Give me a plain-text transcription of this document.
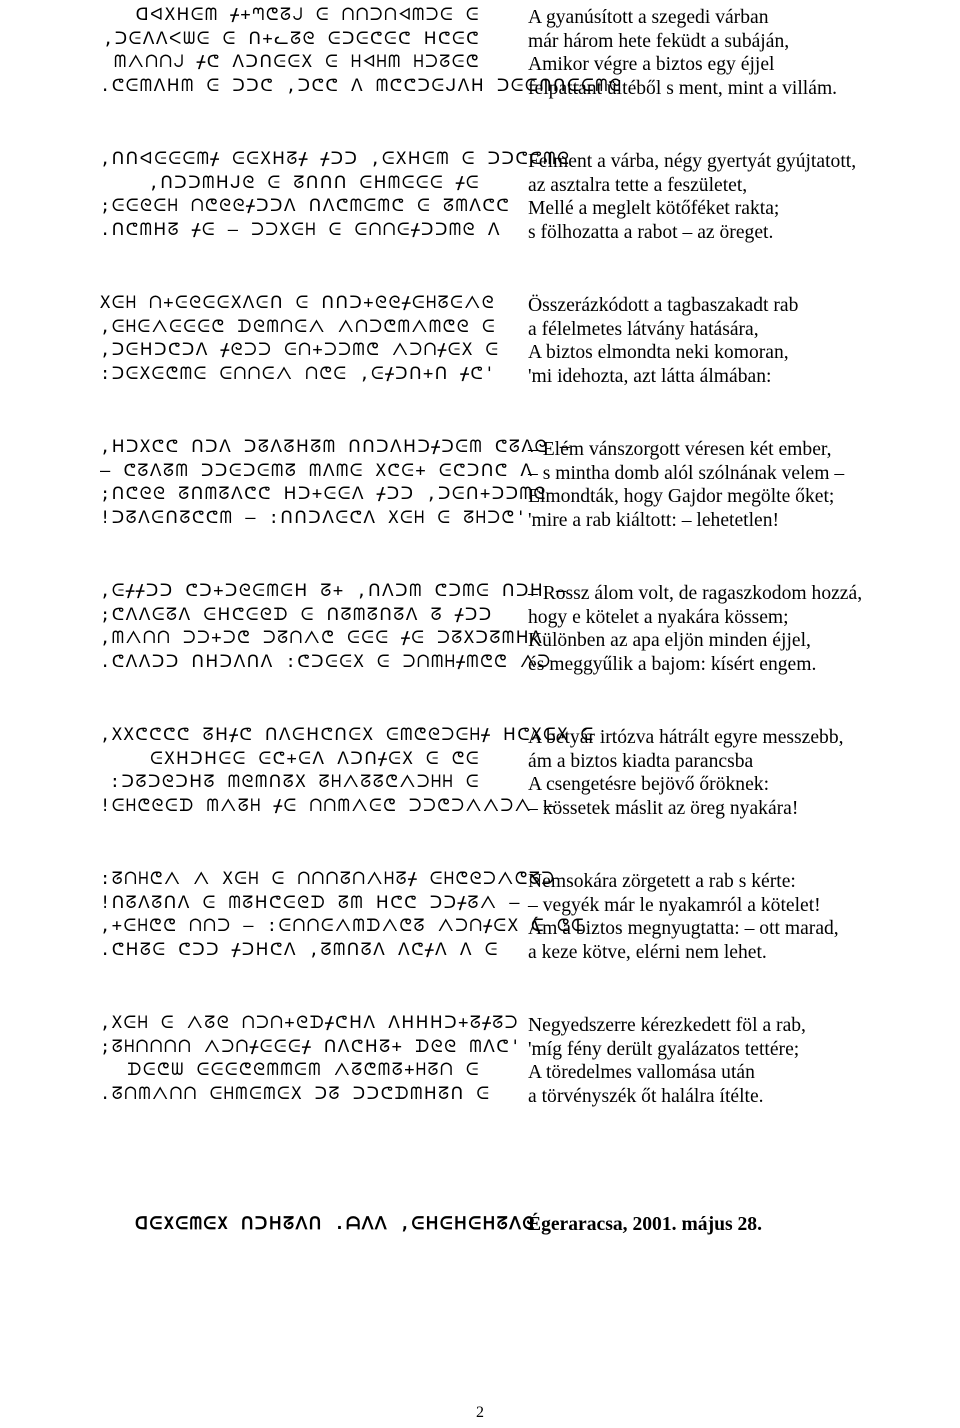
ᗡᐊXᕼᕮᗰ ᚋ+ᘉᕦᘔᒍ ᕮ ᑎᑎᑐᑎᐊᗰᑐᕮ ᕮ
,ᑐᕮᐱᐱᐸᗯᕮ ᕮ ᑎ+ᓚᘔᘓ ᕮᑐᕮᕦᕮᕦ ᕼᕦᕮᕦ
ᗰᐱᑎᑎᒍ ᚋᕦ ᐱᑐᑎᕮᕮX ᕮ ᕼᐊᕼᗰ ᕼᑐᘔᕮᕦ
.ᕦᕮᗰᐱᕼᗰ ᕮ ᑐᑐᕦ ,ᑐᕦᕦ ᐱ ᗰᕦᕦᑐᕮᒍᐱᕼ ᑐᕮᕮᑎᑎᕮᕮᗰᘓ
,ᑎᑎᐊᕮᕮᕮᗰᚋ ᕮᕮXᕼᘔᚋ ᚋᑐᑐ ,ᕮXᕼᕮᗰ ᕮ ᑐᑐᕦᕦᗰᘓ
,ᑎᑐᑐᗰᕼᒍᘓ ᕮ ᘔᑎᑎᑎ ᕮᕼᗰᕮᕮᕮ ᚋᕮ
;ᕮᕮᘓᕮᕼ ᑎᕦᘓᘓᚋᑐᑐᐱ ᑎᐱᕦᗰᕮᗰᕦ ᕮ ᘔᗰᐱᕦᕦ
.ᑎᕦᗰᕼᘔ ᚋᕮ – ᑐᑐXᕮᕼ ᕮ ᕮᑎᑎᕮᚋᑐᑐᗰᘓ ᐱ
Xᕮᕼ ᑎ+ᕮᘓᕮᕮXᐱᕮᑎ ᕮ ᑎᑎᑐ+ᘓᘓᚋᕮᕼᘔᕮᐱᘓ
,ᕮᕼᕮᐱᕮᕮᕮᕦ ᗪᘓᗰᑎᕮᐱ ᐱᑎᑐᕦᗰᐱᗰᕦᘓ ᕮ
,ᑐᕮᕼᑐᕦᑐᐱ ᚋᘓᑐᑐ ᕮᑎ+ᑐᑐᗰᕦ ᐱᑐᑎᚋᕮX ᕮ
:ᑐᕮXᕮᕦᗰᕮ ᕮᑎᑎᕮᐱ ᑎᕦᕮ ,ᕮᚋᑐᑎ+ᑎ ᚋᕦ'
,ᕼᑐXᕦᕦ ᑎᑐᐱ ᑐᘔᐱᘔᕼᘔᗰ ᑎᑎᑐᐱᕼᑐᚋᑐᕮᗰ ᕦᘔᐱᘓ –
– ᕦᘔᐱᘔᗰ ᑐᑐᕮᑐᕮᗰᘔ ᗰᐱᗰᕮ Xᕦᕮ+ ᕮᕦᑐᑎᕦ ᐱ
;ᑎᕦᘓᘓ ᘔᑎᗰᘔᐱᕦᕦ ᕼᑐ+ᕮᕮᐱ ᚋᑐᑐ ,ᑐᕮᑎ+ᑐᑐᗰᘓ
!ᑐᘔᐱᕮᑎᘔᕦᕦᗰ – :ᑎᑎᑐᐱᕮᕦᐱ Xᕮᕼ ᕮ ᘔᕼᑐᕦ'
,ᕮᚋᚋᑐᑐ ᕦᑐ+ᑐᘓᕮᗰᕮᕼ ᘔ+ ,ᑎᐱᑐᗰ ᕦᑐᗰᕮ ᑎᑐᕼ –
;ᕦᐱᐱᕮᘔᐱ ᕮᕼᕦᕮᘓᗪ ᕮ ᑎᘔᗰᘔᑎᘔᐱ ᘔ ᚋᑐᑐ
,ᗰᐱᑎᑎ ᑐᑐ+ᑐᕦ ᑐᘔᑎᐱᕦ ᕮᕮᕮ ᚋᕮ ᑐᘔXᑐᘔᗰᕼᐱ
.ᕦᐱᐱᑐᑐ ᑎᕼᑐᐱᑎᐱ :ᕦᑐᕮᕮX ᕮ ᑐᑎᗰᕼᚋᗰᕦᕦ ᐱᑐ
,XXᕦᕦᕦᕦ ᘔᕼᚋᕦ ᑎᐱᕮᕼᕦᑎᕮX ᕮᗰᕦᘓᑐᕮᕼᚋ ᕼᕦXᕮX ᕮ
ᕮXᕼᑐᕼᕮᕮ ᕮᕦ+ᕮᐱ ᐱᑐᑎᚋᕮX ᕮ ᕦᕮ
:ᑐᘔᑐᘓᑐᕼᘔ ᗰᘓᗰᑎᘔX ᘔᕼᐱᘔᘔᕦᐱᑐᕼᕼ ᕮ
!ᕮᕼᕦᘓᕮᗪ ᗰᐱᘔᕼ ᚋᕮ ᑎᑎᗰᐱᕮᕦ ᑐᑐᕦᑐᐱᐱᑐᐱ –
:ᘔᑎᕼᕦᐱ ᐱ Xᕮᕼ ᕮ ᑎᑎᑎᘔᑎᐱᕼᘔᚋ ᕮᕼᕦᘓᑐᐱᕦᘔᑐ
!ᑎᘔᐱᘔᑎᐱ ᕮ ᗰᘔᕼᕦᕮᘓᗪ ᘔᗰ ᕼᕦᕦ ᑐᑐᚋᘔᐱ –
,+ᕮᕼᕦᕦ ᑎᑎᑐ – :ᕮᑎᑎᕮᐱᗰᗪᐱᕦᘔ ᐱᑐᑎᚋᕮX ᕮ ᕦᕮ
.ᕦᕼᘔᕮ ᕦᑐᑐ ᚋᑐᕼᕦᐱ ,ᘔᗰᑎᘔᐱ ᐱᕦᚋᐱ ᐱ ᕮ
,Xᕮᕼ ᕮ ᐱᘔᘓ ᑎᑐᑎ+ᘓᗪᚋᕦᕼᐱ ᐱᕼᕼᕼᑐ+ᘔᚋᘔᑐ
;ᘔᕼᑎᑎᑎᑎ ᐱᑐᑎᚋᕮᕮᕮᚋ ᑎᐱᕦᕼᘔ+ ᗪᘓᘓ ᗰᐱᕦ'
ᗪᕮᕦᗯ ᕮᕮᕮᕦᘓᗰᗰᕮᗰ ᐱᘔᕦᗰᘔ+ᕼᘔᑎ ᕮ
.ᘔᑎᗰᐱᑎᑎ ᕮᕼᗰᕮᗰᕮX ᑐᘔ ᑐᑐᕦᗪᗰᕼᘔᑎ ᕮ
A gyanúsított a szegedi várban
már három hete feküdt a subáján,
Amikor végre a biztos egy éjjel
felpattant ültéből s ment, mint a villám.
Felment a várba, négy gyertyát gyújtatott,
az asztalra tette a feszületet,
Mellé a meglelt kötőféket rakta;
s fölhozatta a rabot – az öreget.
Összerázkódott a tagbaszakadt rab
a félelmetes látvány hatására,
A biztos elmondta neki komoran,
'mi idehozta, azt látta álmában:
– Elém vánszorgott véresen két ember,
– s mintha domb alól szólnának velem –
Elmondták, hogy Gajdor megölte őket;
'mire a rab kiáltott: – lehetetlen!
– Rossz álom volt, de ragaszkodom hozzá,
hogy e kötelet a nyakára kössem;
Különben az apa eljön minden éjjel,
és meggyűlik a bajom: kísért engem.
A betyár irtózva hátrált egyre messzebb,
ám a biztos kiadta parancsba
A csengetésre bejövő őröknek:
– kössetek máslit az öreg nyakára!
Nemsokára zörgetett a rab s kérte:
– vegyék már le nyakamról a kötelet!
Ám a biztos megnyugtatta: – ott marad,
a keze kötve, elérni nem lehet.
Negyedszerre kérezkedett föl a rab,
'míg fény derült gyalázatos tettére;
A töredelmes vallomása után
a törvényszék őt halálra ítélte.
ᗡᕮXᕮᗰᕮX ᑎᑐᕼᘔᐱᑎ .ᗩᐱᐱ ,ᕮᕼᕮᕼᕮᕼᘔᐱᘓ
Égeraracsa, 2001. május 28.
2
